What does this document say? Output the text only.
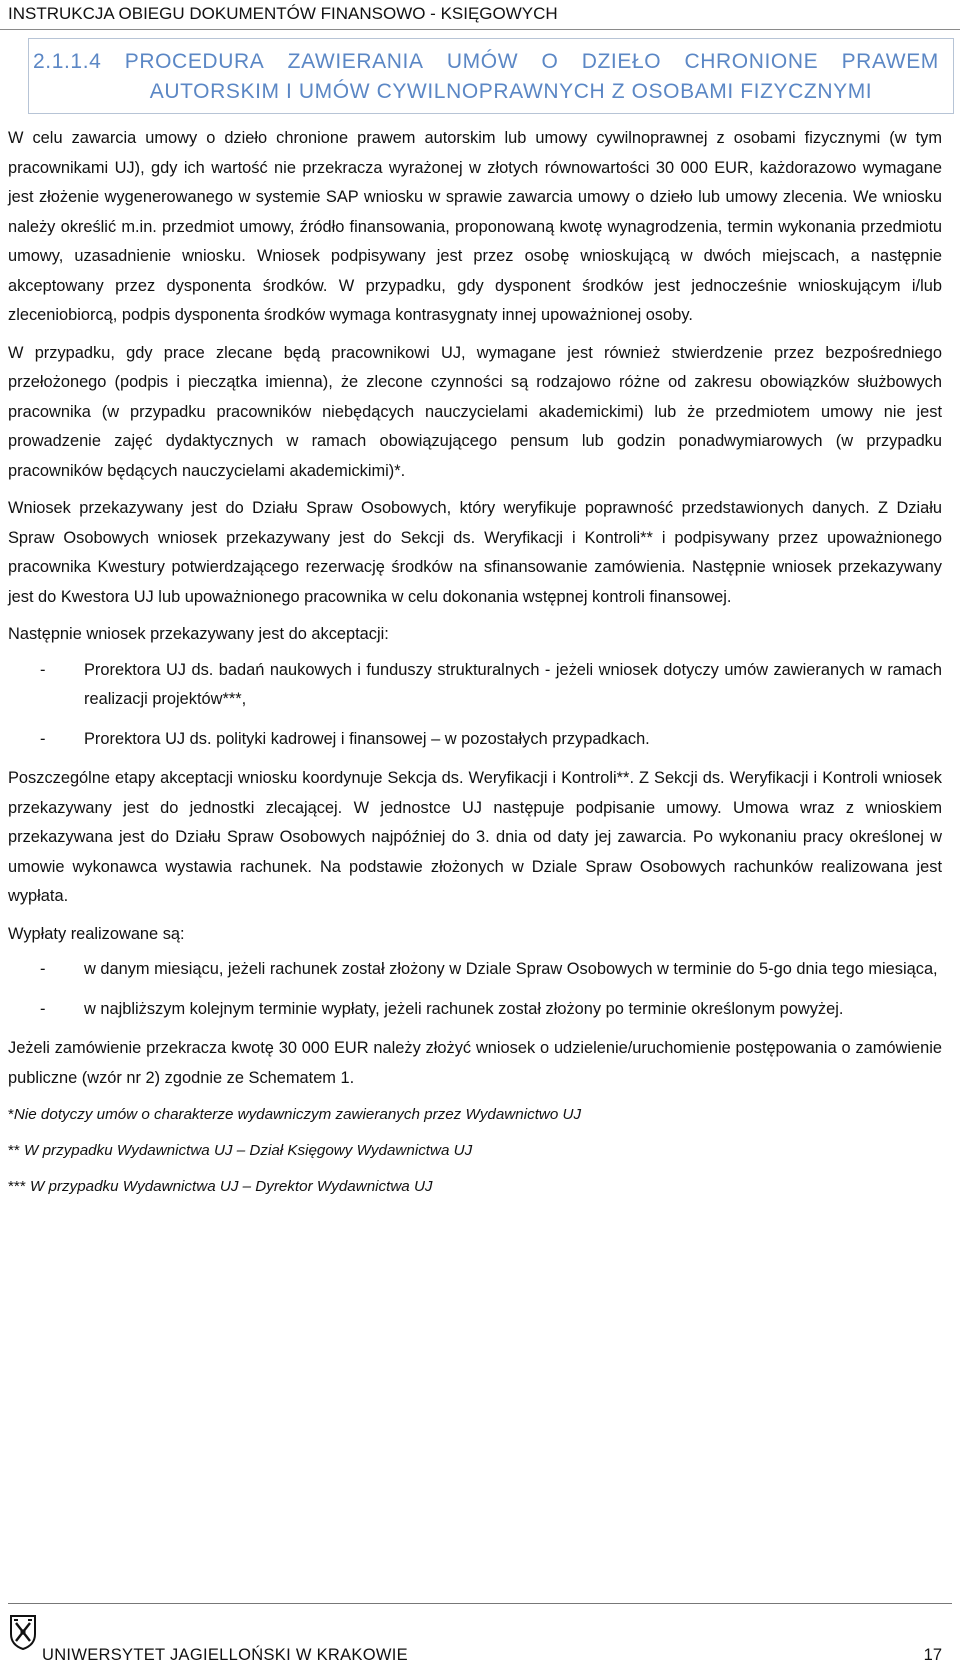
INSTRUKCJA OBIEGU DOKUMENTÓW FINANSOWO - KSIĘGOWYCH
2.1.1.4 PROCEDURA ZAWIERANIA UMÓW O DZIEŁO CHRONIONE PRAWEM
AUTORSKIM I UMÓW CYWILNOPRAWNYCH Z OSOBAMI FIZYCZNYMI

W celu zawarcia umowy o dzieło chronione prawem autorskim lub umowy cywilnoprawnej z osobami fizycznymi (w tym pracownikami UJ), gdy ich wartość nie przekracza wyrażonej w złotych równowartości 30 000 EUR, każdorazowo wymagane jest złożenie wygenerowanego w systemie SAP wniosku w sprawie zawarcia umowy o dzieło lub umowy zlecenia. We wniosku należy określić m.in. przedmiot umowy, źródło finansowania, proponowaną kwotę wynagrodzenia, termin wykonania przedmiotu umowy, uzasadnienie wniosku. Wniosek podpisywany jest przez osobę wnioskującą w dwóch miejscach, a następnie akceptowany przez dysponenta środków. W przypadku, gdy dysponent środków jest jednocześnie wnioskującym i/lub zleceniobiorcą, podpis dysponenta środków wymaga kontrasygnaty innej upoważnionej osoby.

W przypadku, gdy prace zlecane będą pracownikowi UJ, wymagane jest również stwierdzenie przez bezpośredniego przełożonego (podpis i pieczątka imienna), że zlecone czynności są rodzajowo różne od zakresu obowiązków służbowych pracownika (w przypadku pracowników niebędących nauczycielami akademickimi) lub że przedmiotem umowy nie jest prowadzenie zajęć dydaktycznych w ramach obowiązującego pensum lub godzin ponadwymiarowych (w przypadku pracowników będących nauczycielami akademickimi)*.

Wniosek przekazywany jest do Działu Spraw Osobowych, który weryfikuje poprawność przedstawionych danych. Z Działu Spraw Osobowych wniosek przekazywany jest do Sekcji ds. Weryfikacji i Kontroli** i podpisywany przez upoważnionego pracownika Kwestury potwierdzającego rezerwację środków na sfinansowanie zamówienia. Następnie wniosek przekazywany jest do Kwestora UJ lub upoważnionego pracownika w celu dokonania wstępnej kontroli finansowej.

Następnie wniosek przekazywany jest do akceptacji:

- Prorektora UJ ds. badań naukowych i funduszy strukturalnych - jeżeli wniosek dotyczy umów zawieranych w ramach realizacji projektów***,
- Prorektora UJ ds. polityki kadrowej i finansowej – w pozostałych przypadkach.

Poszczególne etapy akceptacji wniosku koordynuje Sekcja ds. Weryfikacji i Kontroli**. Z Sekcji ds. Weryfikacji i Kontroli wniosek przekazywany jest do jednostki zlecającej. W jednostce UJ następuje podpisanie umowy. Umowa wraz z wnioskiem przekazywana jest do Działu Spraw Osobowych najpóźniej do 3. dnia od daty jej zawarcia. Po wykonaniu pracy określonej w umowie wykonawca wystawia rachunek. Na podstawie złożonych w Dziale Spraw Osobowych rachunków realizowana jest wypłata.

Wypłaty realizowane są:

- w danym miesiącu, jeżeli rachunek został złożony w Dziale Spraw Osobowych w terminie do 5-go dnia tego miesiąca,
- w najbliższym kolejnym terminie wypłaty, jeżeli rachunek został złożony po terminie określonym powyżej.

Jeżeli zamówienie przekracza kwotę 30 000 EUR należy złożyć wniosek o udzielenie/uruchomienie postępowania o zamówienie publiczne (wzór nr 2) zgodnie ze Schematem 1.

*Nie dotyczy umów o charakterze wydawniczym zawieranych przez Wydawnictwo UJ

** W przypadku Wydawnictwa UJ – Dział Księgowy Wydawnictwa UJ

*** W przypadku Wydawnictwa UJ – Dyrektor Wydawnictwa UJ

UNIWERSYTET JAGIELLOŃSKI W KRAKOWIE	17
